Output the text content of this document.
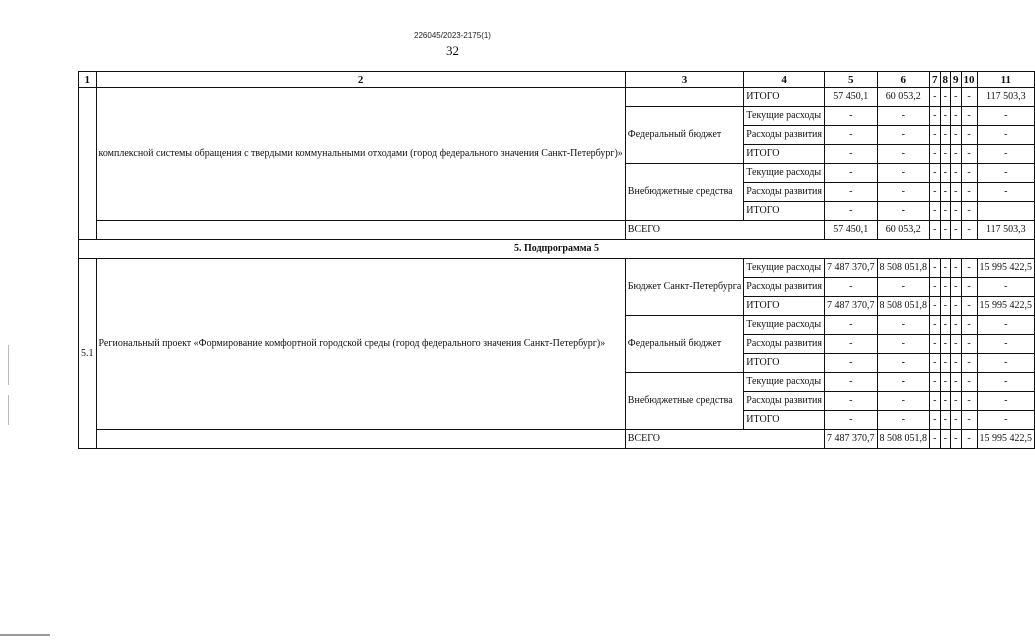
226045/2023-2175(1)
32
1	2	3	4	5	6	7	8	9	10	11
	комплексной системы обращения с твердыми коммунальными отходами (город федерального значения Санкт-Петербург)»		ИТОГО	57 450,1	60 053,2	-	-	-	-	117 503,3
		Федеральный бюджет	Текущие расходы	-	-	-	-	-	-	-
			Расходы развития	-	-	-	-	-	-	-
			ИТОГО	-	-	-	-	-	-	-
		Внебюджетные средства	Текущие расходы	-	-	-	-	-	-	-
			Расходы развития	-	-	-	-	-	-	-
			ИТОГО	-	-	-	-	-	-	
		ВСЕГО		57 450,1	60 053,2	-	-	-	-	117 503,3
5. Подпрограмма 5										
5.1	Региональный проект «Формирование комфортной городской среды (город федерального значения Санкт-Петербург)»	Бюджет Санкт-Петербурга	Текущие расходы	7 487 370,7	8 508 051,8	-	-	-	-	15 995 422,5
			Расходы развития	-	-	-	-	-	-	-
			ИТОГО	7 487 370,7	8 508 051,8	-	-	-	-	15 995 422,5
		Федеральный бюджет	Текущие расходы	-	-	-	-	-	-	-
			Расходы развития	-	-	-	-	-	-	-
			ИТОГО	-	-	-	-	-	-	-
		Внебюджетные средства	Текущие расходы	-	-	-	-	-	-	-
			Расходы развития	-	-	-	-	-	-	-
			ИТОГО	-	-	-	-	-	-	-
		ВСЕГО		7 487 370,7	8 508 051,8	-	-	-	-	15 995 422,5
